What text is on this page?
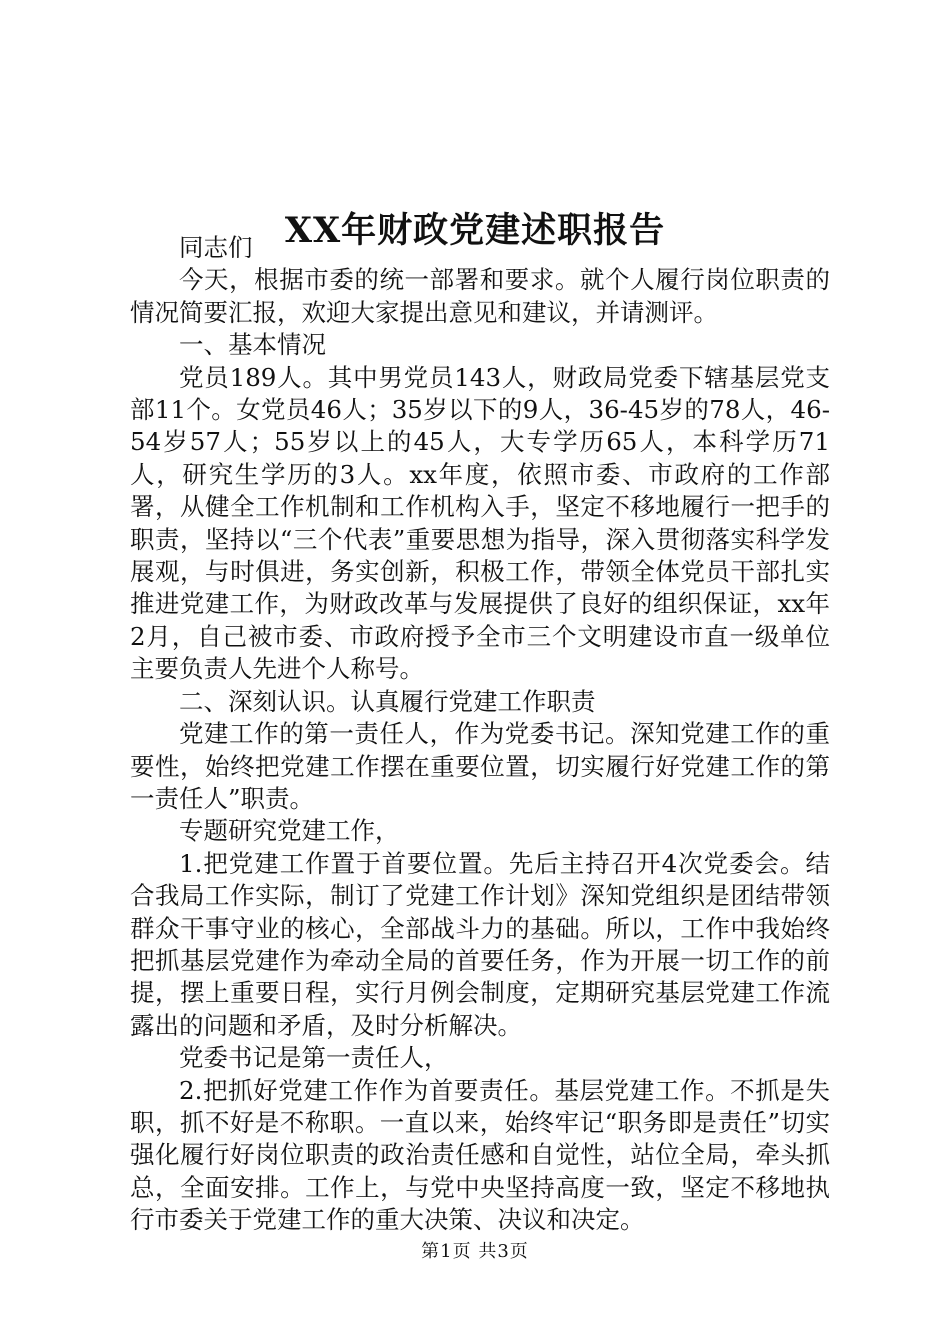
XX年财政党建述职报告

同志们

今天，根据市委的统一部署和要求。就个人履行岗位职责的情况简要汇报，欢迎大家提出意见和建议，并请测评。

一、基本情况

党员189人。其中男党员143人，财政局党委下辖基层党支部11个。女党员46人；35岁以下的9人，36-45岁的78人，46-54岁57人；55岁以上的45人，大专学历65人，本科学历71人，研究生学历的3人。xx年度，依照市委、市政府的工作部署，从健全工作机制和工作机构入手，坚定不移地履行一把手的职责，坚持以“三个代表”重要思想为指导，深入贯彻落实科学发展观，与时俱进，务实创新，积极工作，带领全体党员干部扎实推进党建工作，为财政改革与发展提供了良好的组织保证，xx年2月，自己被市委、市政府授予全市三个文明建设市直一级单位主要负责人先进个人称号。

二、深刻认识。认真履行党建工作职责

党建工作的第一责任人，作为党委书记。深知党建工作的重要性，始终把党建工作摆在重要位置，切实履行好党建工作的第一责任人”职责。

专题研究党建工作，

1.把党建工作置于首要位置。先后主持召开4次党委会。结合我局工作实际，制订了党建工作计划》深知党组织是团结带领群众干事守业的核心，全部战斗力的基础。所以，工作中我始终把抓基层党建作为牵动全局的首要任务，作为开展一切工作的前提，摆上重要日程，实行月例会制度，定期研究基层党建工作流露出的问题和矛盾，及时分析解决。

党委书记是第一责任人，

2.把抓好党建工作作为首要责任。基层党建工作。不抓是失职，抓不好是不称职。一直以来，始终牢记“职务即是责任”切实强化履行好岗位职责的政治责任感和自觉性，站位全局，牵头抓总，全面安排。工作上，与党中央坚持高度一致，坚定不移地执行市委关于党建工作的重大决策、决议和决定。

第1页 共3页
